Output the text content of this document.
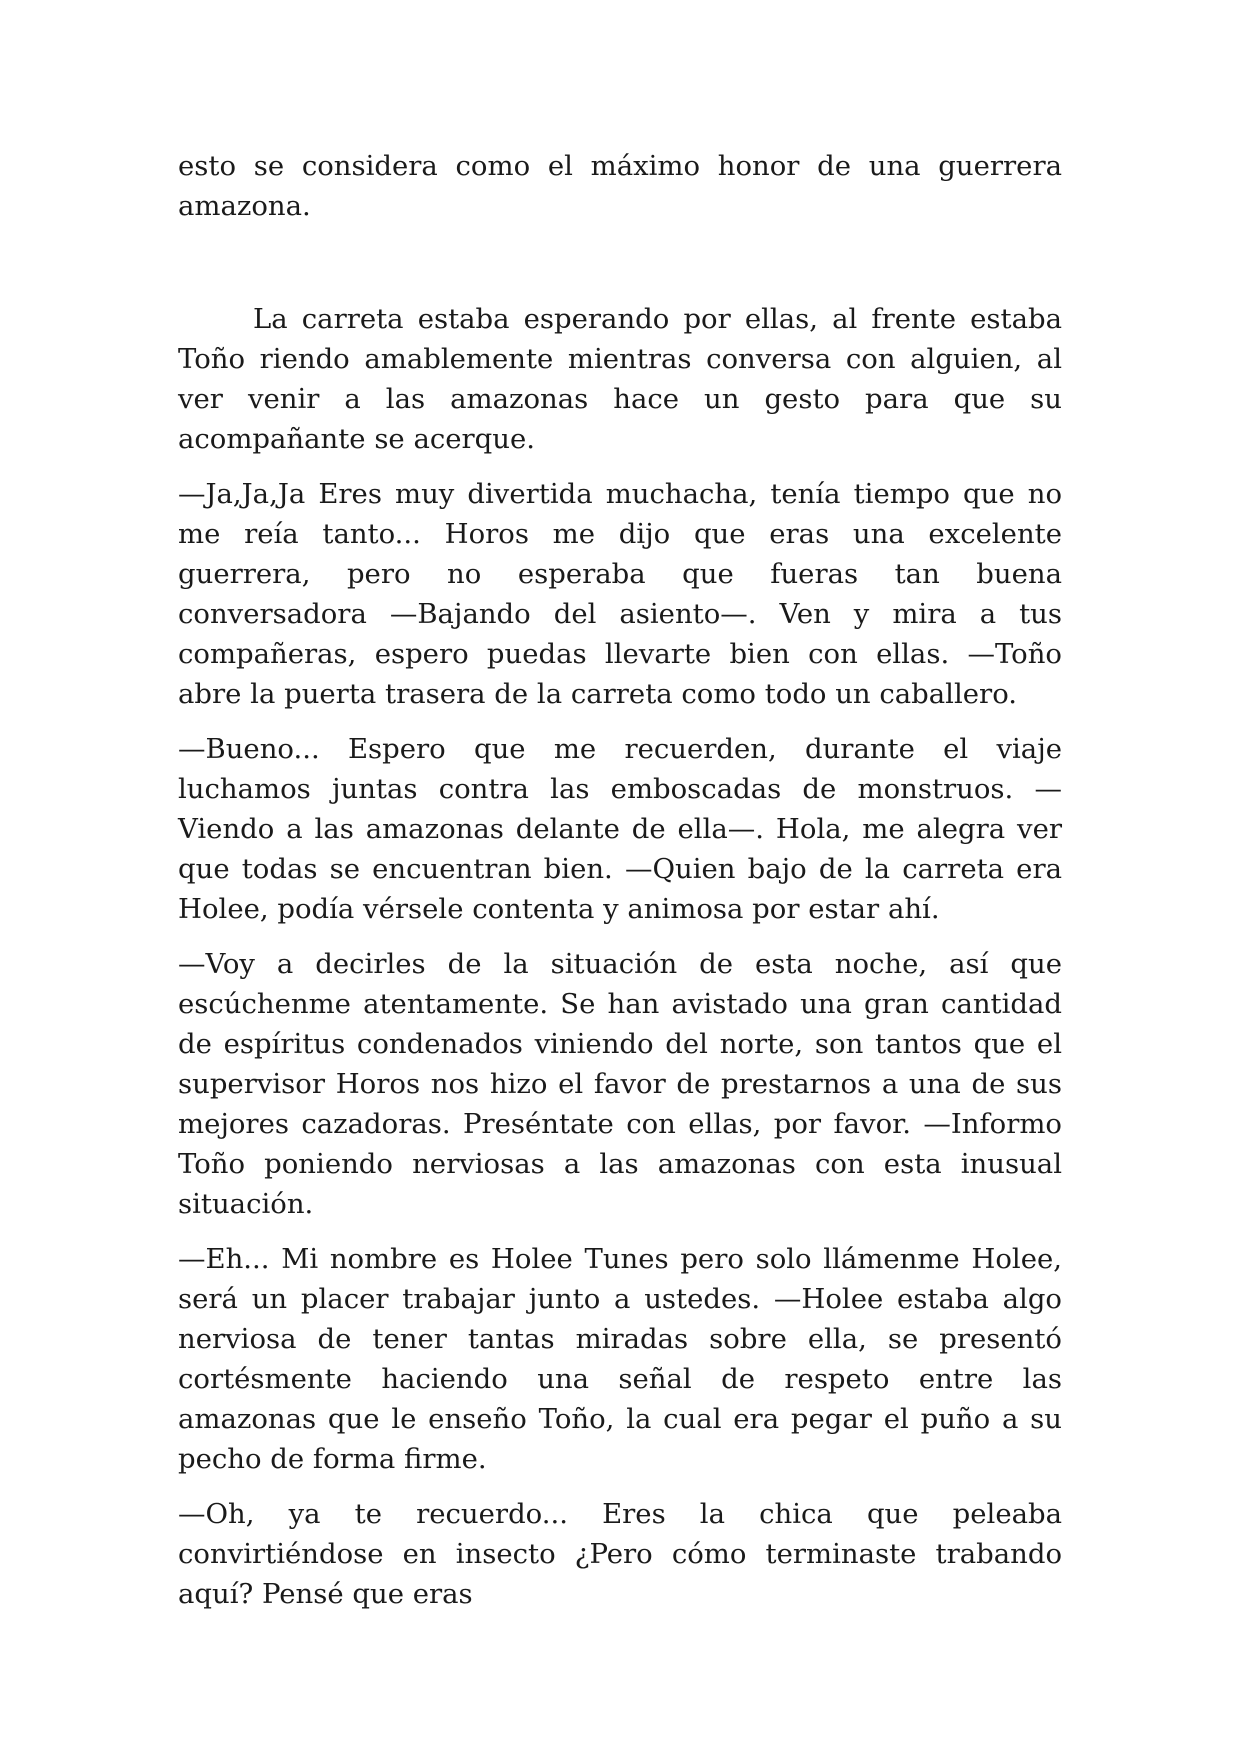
esto se considera como el máximo honor de una guerrera amazona.

La carreta estaba esperando por ellas, al frente estaba Toño riendo amablemente mientras conversa con alguien, al ver venir a las amazonas hace un gesto para que su acompañante se acerque.

—Ja,Ja,Ja Eres muy divertida muchacha, tenía tiempo que no me reía tanto... Horos me dijo que eras una excelente guerrera, pero no esperaba que fueras tan buena conversadora —Bajando del asiento—. Ven y mira a tus compañeras, espero puedas llevarte bien con ellas. —Toño abre la puerta trasera de la carreta como todo un caballero.

—Bueno... Espero que me recuerden, durante el viaje luchamos juntas contra las emboscadas de monstruos. —Viendo a las amazonas delante de ella—. Hola, me alegra ver que todas se encuentran bien. —Quien bajo de la carreta era Holee, podía vérsele contenta y animosa por estar ahí.

—Voy a decirles de la situación de esta noche, así que escúchenme atentamente. Se han avistado una gran cantidad de espíritus condenados viniendo del norte, son tantos que el supervisor Horos nos hizo el favor de prestarnos a una de sus mejores cazadoras. Preséntate con ellas, por favor. —Informo Toño poniendo nerviosas a las amazonas con esta inusual situación.

—Eh... Mi nombre es Holee Tunes pero solo llámenme Holee, será un placer trabajar junto a ustedes. —Holee estaba algo nerviosa de tener tantas miradas sobre ella, se presentó cortésmente haciendo una señal de respeto entre las amazonas que le enseño Toño, la cual era pegar el puño a su pecho de forma firme.

—Oh, ya te recuerdo... Eres la chica que peleaba convirtiéndose en insecto ¿Pero cómo terminaste trabando aquí? Pensé que eras
